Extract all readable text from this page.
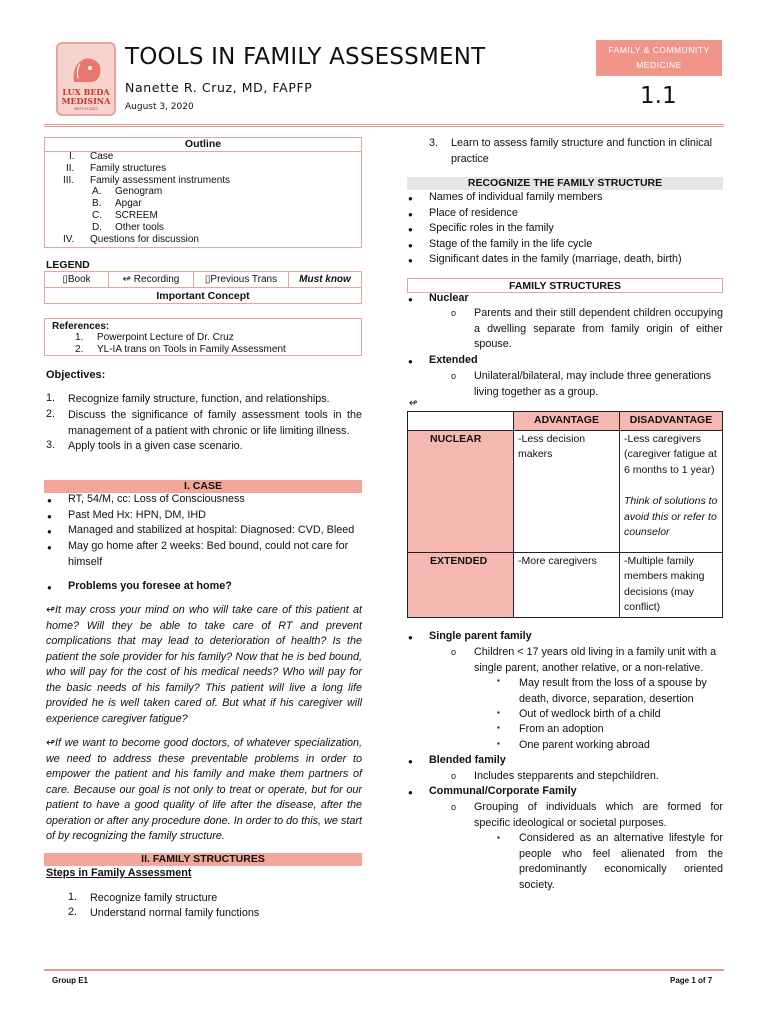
LUX BEDA MEDISINA
BATCH 2022
TOOLS IN FAMILY ASSESSMENT
Nanette R. Cruz, MD, FAPFP
August 3, 2020
FAMILY & COMMUNITY
MEDICINE
1.1
Outline
I. Case
II. Family structures
III. Family assessment instruments
A. Genogram
B. Apgar
C. SCREEM
D. Other tools
IV. Questions for discussion
LEGEND
▯Book	↫ Recording	▯Previous Trans	Must know
Important Concept
References:
1. Powerpoint Lecture of Dr. Cruz
2. YL-IA trans on Tools in Family Assessment
Objectives:
1. Recognize family structure, function, and relationships.
2. Discuss the significance of family assessment tools in the management of a patient with chronic or life limiting illness.
3. Apply tools in a given case scenario.
I. CASE
● RT, 54/M, cc: Loss of Consciousness
● Past Med Hx: HPN, DM, IHD
● Managed and stabilized at hospital: Diagnosed: CVD, Bleed
● May go home after 2 weeks: Bed bound, could not care for himself
● Problems you foresee at home?
↫It may cross your mind on who will take care of this patient at home? Will they be able to take care of RT and prevent complications that may lead to deterioration of health? Is the patient the sole provider for his family? Now that he is bed bound, who will pay for the cost of his medical needs? Who will pay for the basic needs of his family? This patient will live a long life provided he is well taken cared of. But what if his caregiver will experience caregiver fatigue?
↫If we want to become good doctors, of whatever specialization, we need to address these preventable problems in order to empower the patient and his family and make them partners of care. Because our goal is not only to treat or operate, but for our patient to have a good quality of life after the disease, after the operation or after any procedure done. In order to do this, we start of by recognizing the family structure.
II. FAMILY STRUCTURES
Steps in Family Assessment
1. Recognize family structure
2. Understand normal family functions
3. Learn to assess family structure and function in clinical practice
RECOGNIZE THE FAMILY STRUCTURE
● Names of individual family members
● Place of residence
● Specific roles in the family
● Stage of the family in the life cycle
● Significant dates in the family (marriage, death, birth)
FAMILY STRUCTURES
● Nuclear
o Parents and their still dependent children occupying a dwelling separate from family origin of either spouse.
● Extended
o Unilateral/bilateral, may include three generations living together as a group.
↫
	ADVANTAGE	DISADVANTAGE
NUCLEAR	-Less decision makers	-Less caregivers (caregiver fatigue at 6 months to 1 year)
Think of solutions to avoid this or refer to counselor

EXTENDED	-More caregivers	-Multiple family members making decisions (may conflict)
● Single parent family
o Children < 17 years old living in a family unit with a single parent, another relative, or a non-relative.
▪ May result from the loss of a spouse by death, divorce, separation, desertion
▪ Out of wedlock birth of a child
▪ From an adoption
▪ One parent working abroad
● Blended family
o Includes stepparents and stepchildren.
● Communal/Corporate Family
o Grouping of individuals which are formed for specific ideological or societal purposes.
▪ Considered as an alternative lifestyle for people who feel alienated from the predominantly economically oriented society.
Group E1	Page 1 of 7
